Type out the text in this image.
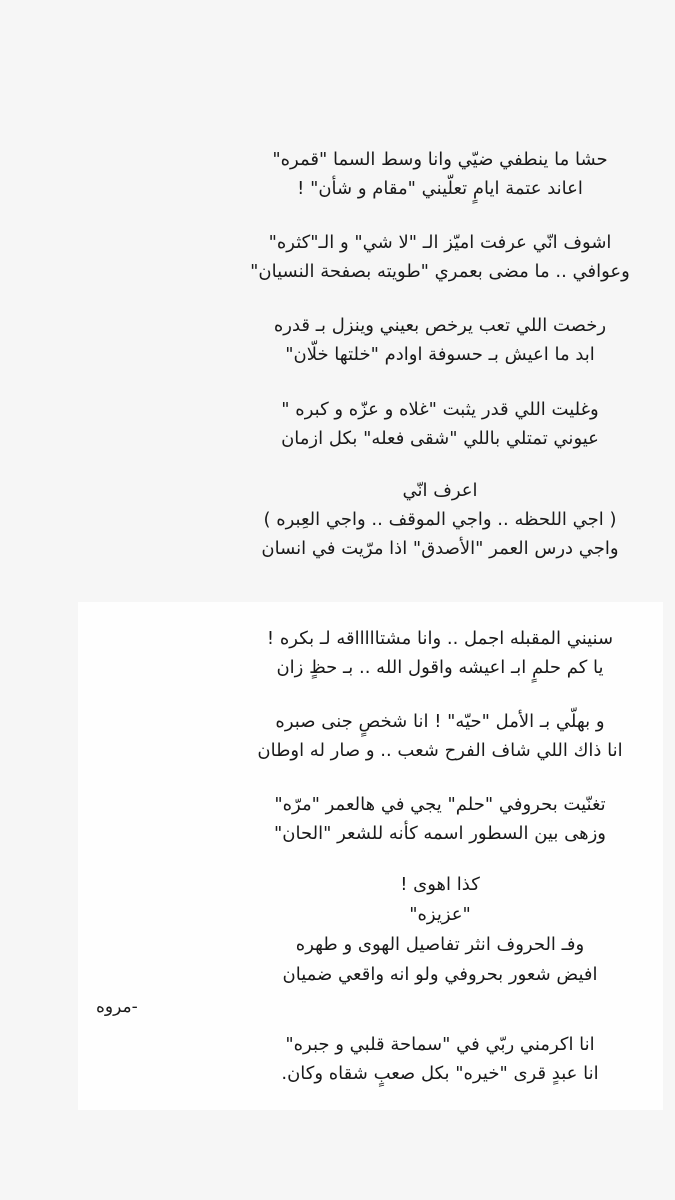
حشا ما ينطفي ضيّي وانا وسط السما "قمره"
اعاند عتمة ايامٍ تعلّيني "مقام و شأن" !
اشوف انّي عرفت اميّز الـ "لا شي" و الـ"كثره"
وعوافي .. ما مضى بعمري "طويته بصفحة النسيان"
رخصت اللي تعب يرخص بعيني وينزل بـ قدره
ابد ما اعيش بـ حسوفة اوادم "خلتها خلّان"
وغليت اللي قدر يثبت "غلاه و عزّه و كبره "
عيوني تمتلي باللي "شقى فعله" بكل ازمان
اعرف انّي
( اجي اللحظه .. واجي الموقف .. واجي العِبره )
واجي درس العمر "الأصدق" اذا مرّيت في انسان
سنيني المقبله اجمل .. وانا مشتاااااقه لـ بكره !
يا كم حلمٍ ابـ اعيشه واقول الله .. بـ حظٍ زان
و بهلّي بـ الأمل "حيّه" ! انا شخصٍ جنى صبره
انا ذاك اللي شاف الفرح شعب .. و صار له اوطان
تغنّيت بحروفي "حلم" يجي في هالعمر "مرّه"
وزهى بين السطور اسمه كأنه للشعر "الحان"
كذا اهوى !
"عزيزه"
وفـ الحروف انثر تفاصيل الهوى و طهره
افيض شعور بحروفي ولو انه واقعي ضميان
انا اكرمني ربّي في "سماحة قلبي و جبره"
انا عبدٍ قرى "خيره" بكل صعبٍ شقاه وكان.
-مروه
